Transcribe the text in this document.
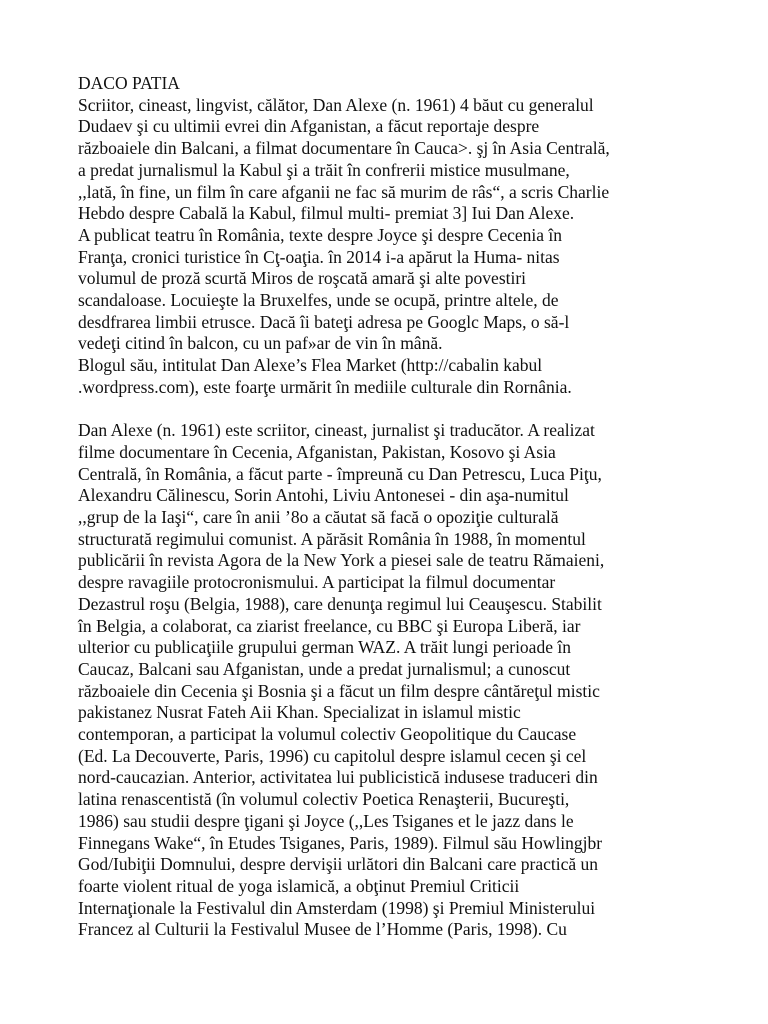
DACO PATIA
Scriitor, cineast, lingvist, călător, Dan Alexe (n. 1961) 4 băut cu generalul
Dudaev şi cu ultimii evrei din Afganistan, a făcut reportaje despre
războaiele din Balcani, a filmat documentare în Cauca>. şj în Asia Centrală,
a predat jurnalismul la Kabul şi a trăit în confrerii mistice musulmane,
,,lată, în fine, un film în care afganii ne fac să murim de râs“, a scris Charlie
Hebdo despre Cabală la Kabul, filmul multi- premiat 3] Iui Dan Alexe.
A publicat teatru în România, texte despre Joyce şi despre Cecenia în
Franţa, cronici turistice în Cţ-oaţia. în 2014 i-a apărut la Huma- nitas
volumul de proză scurtă Miros de roşcată amară şi alte povestiri
scandaloase. Locuieşte la Bruxelfes, unde se ocupă, printre altele, de
desdfrarea limbii etrusce. Dacă îi bateţi adresa pe Googlc Maps, o să-l
vedeţi citind în balcon, cu un paf»ar de vin în mână.
Blogul său, intitulat Dan Alexe’s Flea Market (http://cabalin kabul
.wordpress.com), este foarţe urmărit în mediile culturale din Rornânia.
Dan Alexe (n. 1961) este scriitor, cineast, jurnalist şi traducător. A realizat
filme documentare în Cecenia, Afganistan, Pakistan, Kosovo şi Asia
Centrală, în România, a făcut parte - împreună cu Dan Petrescu, Luca Piţu,
Alexandru Călinescu, Sorin Antohi, Liviu Antonesei - din aşa-numitul
,,grup de la Iaşi“, care în anii ’8o a căutat să facă o opoziţie culturală
structurată regimului comunist. A părăsit România în 1988, în momentul
publicării în revista Agora de la New York a piesei sale de teatru Rămaieni,
despre ravagiile protocronismului. A participat la filmul documentar
Dezastrul roşu (Belgia, 1988), care denunţa regimul lui Ceauşescu. Stabilit
în Belgia, a colaborat, ca ziarist freelance, cu BBC şi Europa Liberă, iar
ulterior cu publicaţiile grupului german WAZ. A trăit lungi perioade în
Caucaz, Balcani sau Afganistan, unde a predat jurnalismul; a cunoscut
războaiele din Cecenia şi Bosnia şi a făcut un film despre cântăreţul mistic
pakistanez Nusrat Fateh Aii Khan. Specializat in islamul mistic
contemporan, a participat la volumul colectiv Geopolitique du Caucase
(Ed. La Decouverte, Paris, 1996) cu capitolul despre islamul cecen şi cel
nord-caucazian. Anterior, activitatea lui publicistică indusese traduceri din
latina renascentistă (în volumul colectiv Poetica Renaşterii, Bucureşti,
1986) sau studii despre ţigani şi Joyce (,,Les Tsiganes et le jazz dans le
Finnegans Wake“, în Etudes Tsiganes, Paris, 1989). Filmul său Howlingjbr
God/Iubiţii Domnului, despre dervişii urlători din Balcani care practică un
foarte violent ritual de yoga islamică, a obţinut Premiul Criticii
Internaţionale la Festivalul din Amsterdam (1998) şi Premiul Ministerului
Francez al Culturii la Festivalul Musee de l’Homme (Paris, 1998). Cu
